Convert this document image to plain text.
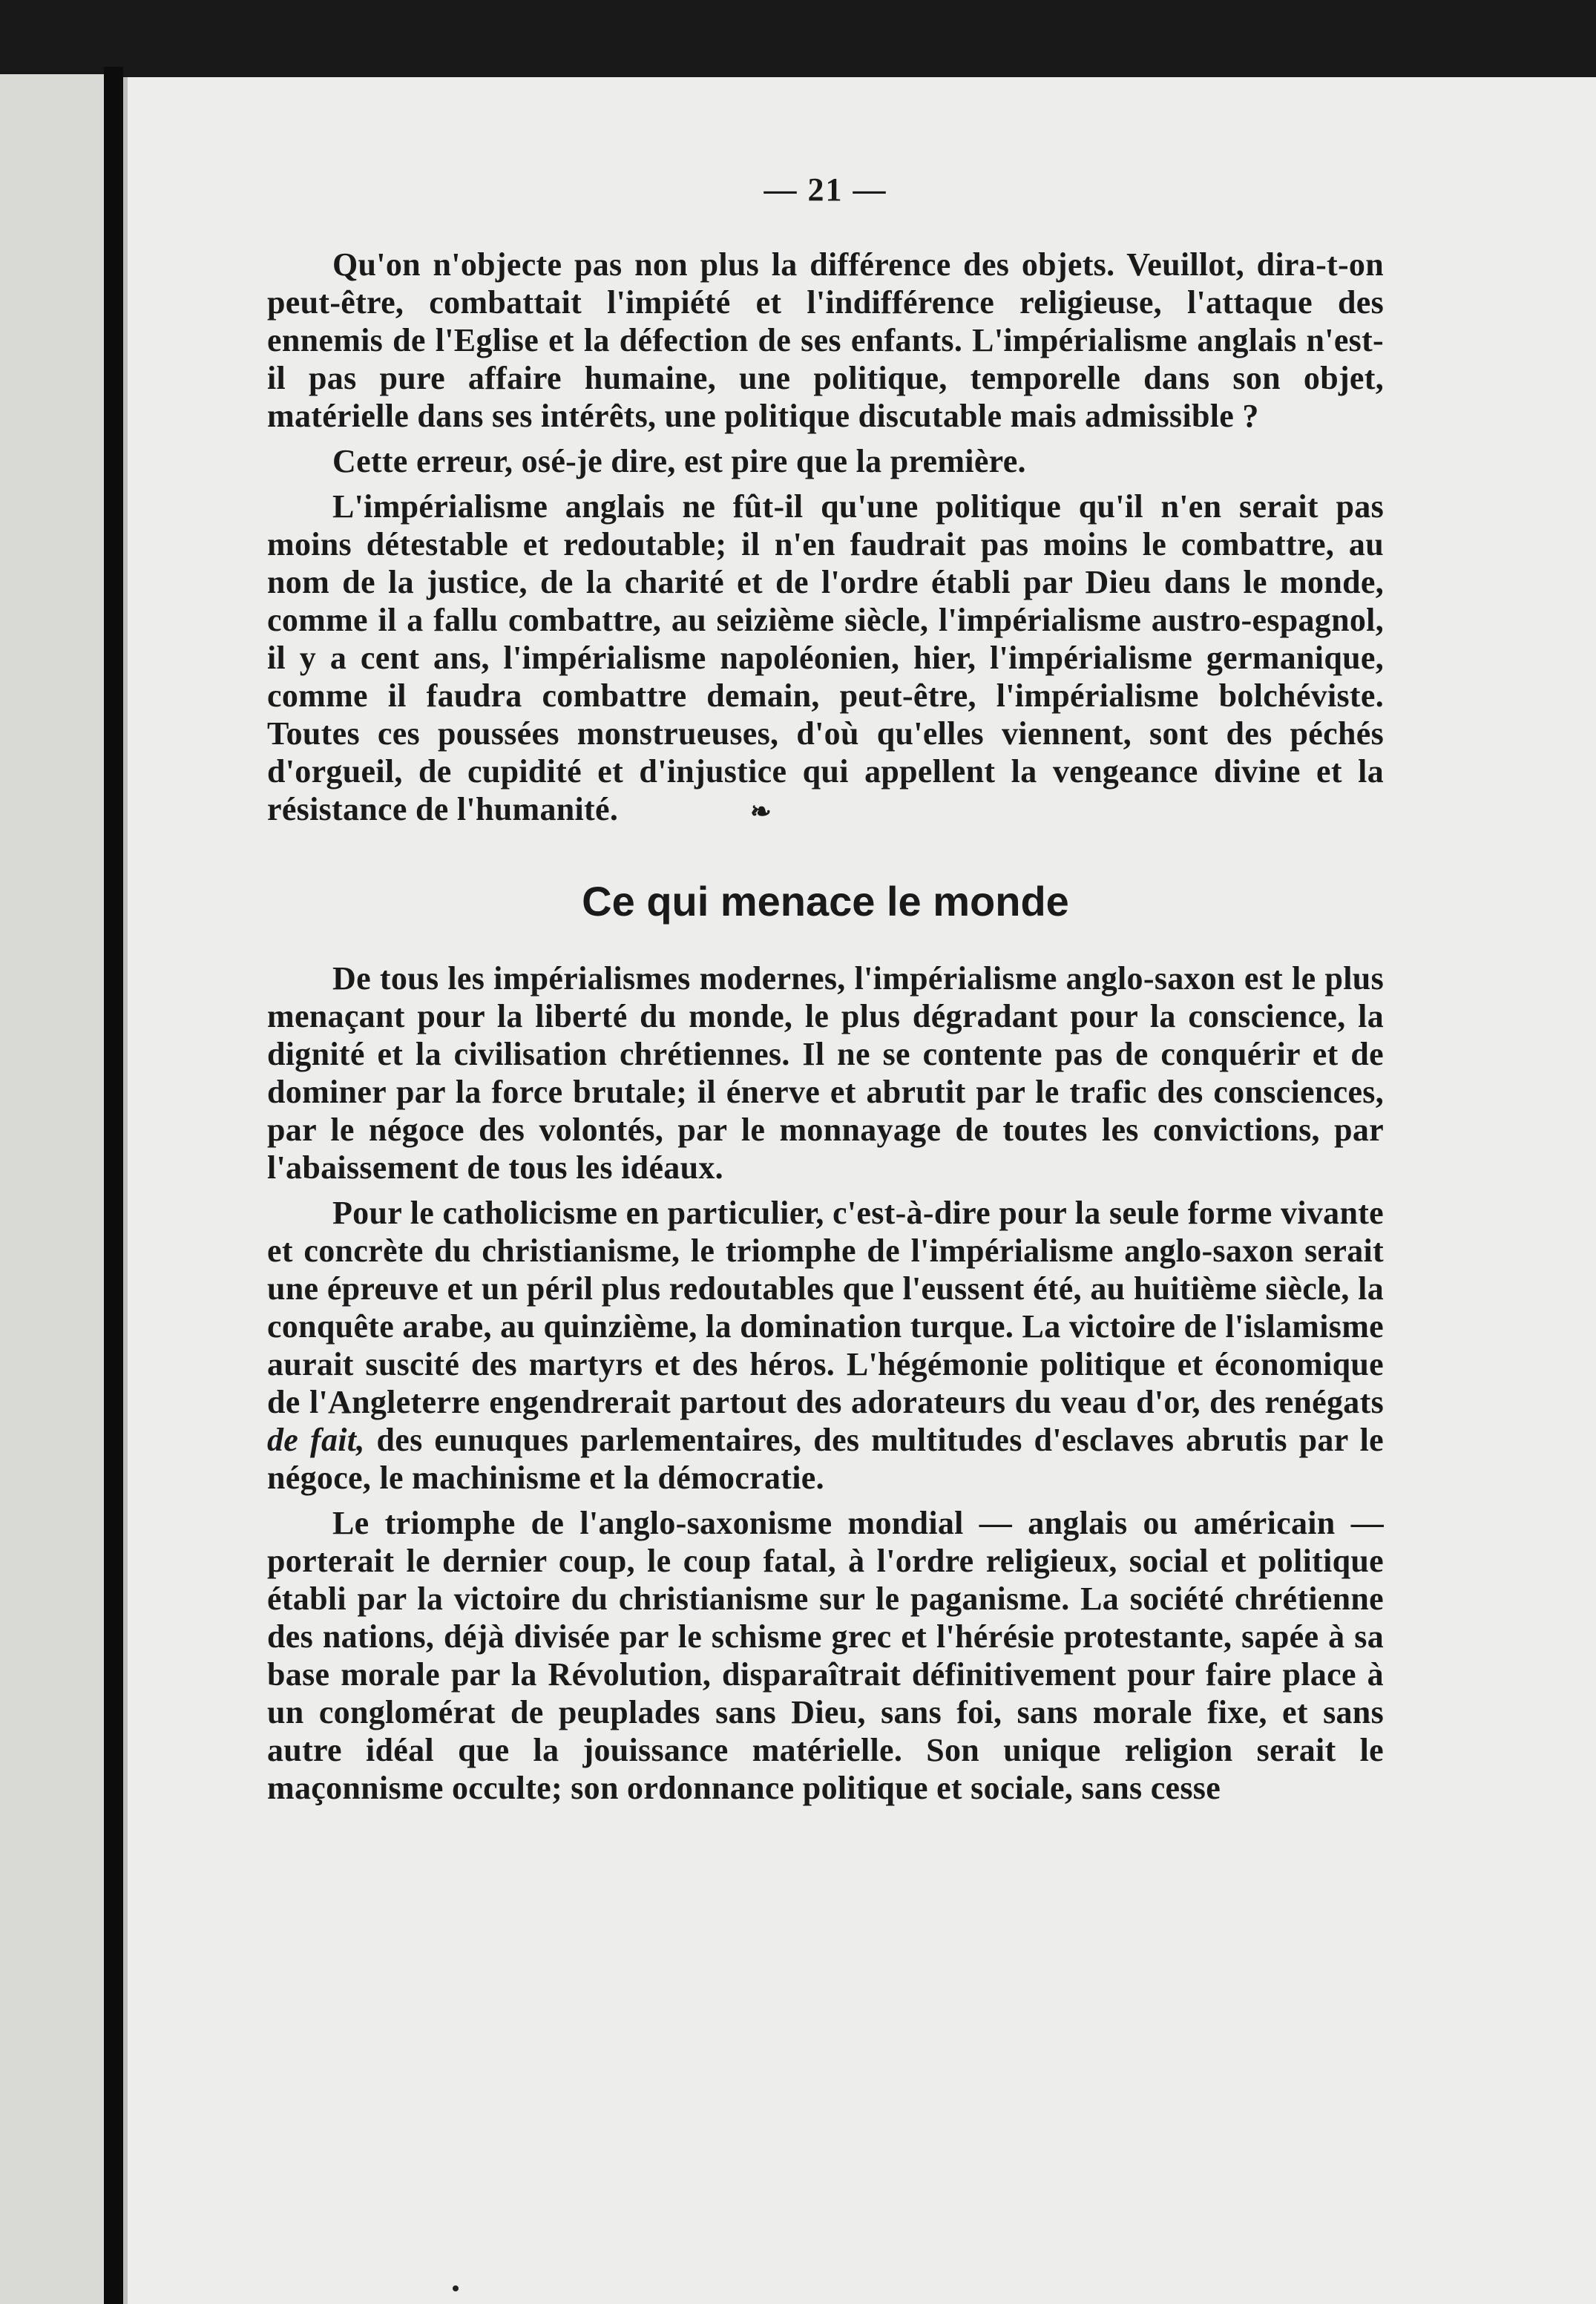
— 21 —

Qu'on n'objecte pas non plus la différence des objets. Veuillot, dira-t-on peut-être, combattait l'impiété et l'indifférence religieuse, l'attaque des ennemis de l'Eglise et la défection de ses enfants. L'impérialisme anglais n'est-il pas pure affaire humaine, une politique, temporelle dans son objet, matérielle dans ses intérêts, une politique discutable mais admissible ?

Cette erreur, osé-je dire, est pire que la première.

L'impérialisme anglais ne fût-il qu'une politique qu'il n'en serait pas moins détestable et redoutable; il n'en faudrait pas moins le combattre, au nom de la justice, de la charité et de l'ordre établi par Dieu dans le monde, comme il a fallu combattre, au seizième siècle, l'impérialisme austro-espagnol, il y a cent ans, l'impérialisme napoléonien, hier, l'impérialisme germanique, comme il faudra combattre demain, peut-être, l'impérialisme bolchéviste. Toutes ces poussées monstrueuses, d'où qu'elles viennent, sont des péchés d'orgueil, de cupidité et d'injustice qui appellent la vengeance divine et la résistance de l'humanité.	❧

Ce qui menace le monde

De tous les impérialismes modernes, l'impérialisme anglo-saxon est le plus menaçant pour la liberté du monde, le plus dégradant pour la conscience, la dignité et la civilisation chrétiennes. Il ne se contente pas de conquérir et de dominer par la force brutale; il énerve et abrutit par le trafic des consciences, par le négoce des volontés, par le monnayage de toutes les convictions, par l'abaissement de tous les idéaux.

Pour le catholicisme en particulier, c'est-à-dire pour la seule forme vivante et concrète du christianisme, le triomphe de l'impérialisme anglo-saxon serait une épreuve et un péril plus redoutables que l'eussent été, au huitième siècle, la conquête arabe, au quinzième, la domination turque. La victoire de l'islamisme aurait suscité des martyrs et des héros. L'hégémonie politique et économique de l'Angleterre engendrerait partout des adorateurs du veau d'or, des renégats de fait, des eunuques parlementaires, des multitudes d'esclaves abrutis par le négoce, le machinisme et la démocratie.

Le triomphe de l'anglo-saxonisme mondial — anglais ou américain — porterait le dernier coup, le coup fatal, à l'ordre religieux, social et politique établi par la victoire du christianisme sur le paganisme. La société chrétienne des nations, déjà divisée par le schisme grec et l'hérésie protestante, sapée à sa base morale par la Révolution, disparaîtrait définitivement pour faire place à un conglomérat de peuplades sans Dieu, sans foi, sans morale fixe, et sans autre idéal que la jouissance matérielle. Son unique religion serait le maçonnisme occulte; son ordonnance politique et sociale, sans cesse
